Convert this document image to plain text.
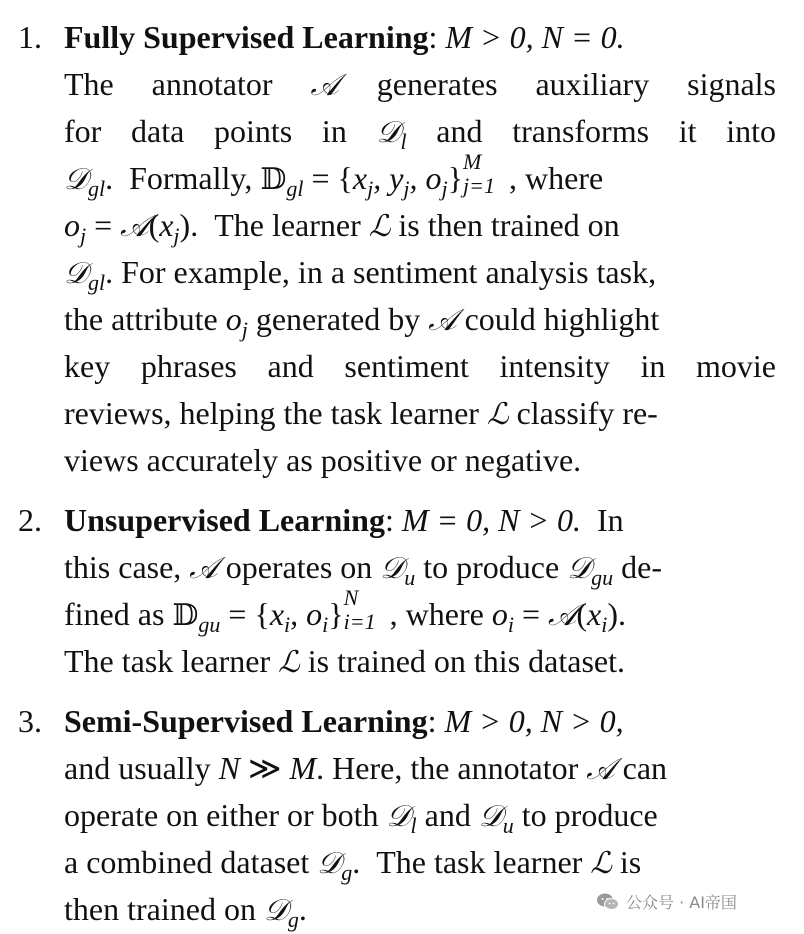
1. Fully Supervised Learning: M > 0, N = 0.
The annotator 𝒜 generates auxiliary signals
for data points in 𝒟$_l$ and transforms it into
𝒟$_{gl}$.  Formally, 𝔻$_{gl}$ = {$x_j$, $y_j$, $o_j$} M
j=1 , where
$o_j$ = $𝒜(x_j)$.  The learner ℒ is then trained on
𝒟$_{gl}$. For example, in a sentiment analysis task,
the attribute $o_j$ generated by 𝒜 could highlight
key phrases and sentiment intensity in movie
reviews, helping the task learner ℒ classify re-
views accurately as positive or negative.
2. Unsupervised Learning: M = 0, N > 0. In
this case, 𝒜 operates on 𝒟$_u$ to produce 𝒟$_{gu}$ de-
fined as 𝔻$_{gu}$ = {$x_i$, $o_i$} N
i=1 , where $o_i$ = $𝒜(x_i)$.
The task learner ℒ is trained on this dataset.
3. Semi-Supervised Learning: M > 0, N > 0,
and usually N ≫ M. Here, the annotator 𝒜 can
operate on either or both 𝒟$_l$ and 𝒟$_u$ to produce
a combined dataset 𝒟$_g$.  The task learner ℒ is
then trained on 𝒟$_g$.	公众号 · AI帝国
